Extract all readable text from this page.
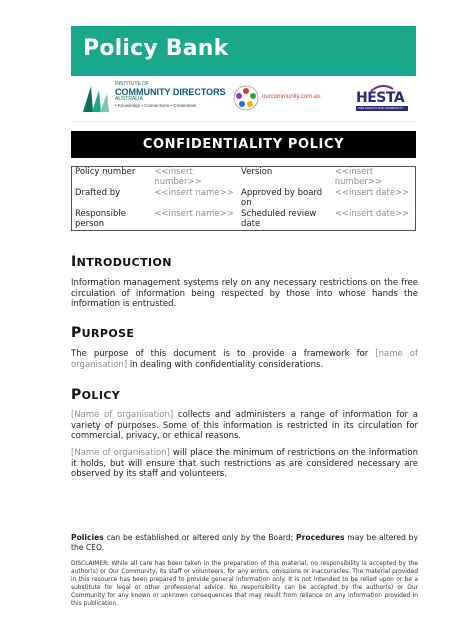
Policy Bank
INSTITUTE OF
COMMUNITY DIRECTORS
AUSTRALIA
• Knowledge • Connections • Credentials
ourcommunity.com.au	HESTA
FOR HEALTH AND COMMUNITY SERVICES
CONFIDENTIALITY POLICY
Policy number	<<insert number>>	Version	<<insert number>>
Drafted by	<<insert name>>	Approved by board on	<<insert date>>
Responsible person	<<insert name>>	Scheduled review date	<<insert date>>
INTRODUCTION
Information management systems rely on any necessary restrictions on the free circulation of information being respected by those into whose hands the information is entrusted.
PURPOSE
The purpose of this document is to provide a framework for [name of organisation] in dealing with confidentiality considerations.
POLICY
[Name of organisation] collects and administers a range of information for a variety of purposes. Some of this information is restricted in its circulation for commercial, privacy, or ethical reasons.
[Name of organisation] will place the minimum of restrictions on the information it holds, but will ensure that such restrictions as are considered necessary are observed by its staff and volunteers.
Policies can be established or altered only by the Board; Procedures may be altered by the CEO.
DISCLAIMER: While all care has been taken in the preparation of this material, no responsibility is accepted by the author(s) or Our Community, its staff or volunteers, for any errors, omissions or inaccuracies. The material provided in this resource has been prepared to provide general information only. It is not intended to be relied upon or be a substitute for legal or other professional advice. No responsibility can be accepted by the author(s) or Our Community for any known or unknown consequences that may result from reliance on any information provided in this publication.
